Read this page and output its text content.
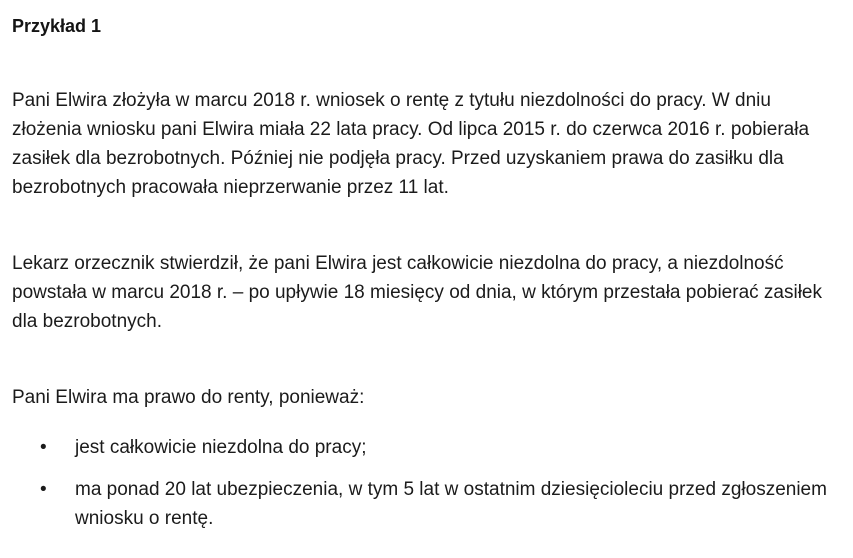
Przykład 1

Pani Elwira złożyła w marcu 2018 r. wniosek o rentę z tytułu niezdolności do pracy. W dniu złożenia wniosku pani Elwira miała 22 lata pracy. Od lipca 2015 r. do czerwca 2016 r. pobierała zasiłek dla bezrobotnych. Później nie podjęła pracy. Przed uzyskaniem prawa do zasiłku dla bezrobotnych pracowała nieprzerwanie przez 11 lat.

Lekarz orzecznik stwierdził, że pani Elwira jest całkowicie niezdolna do pracy, a niezdolność powstała w marcu 2018 r. – po upływie 18 miesięcy od dnia, w którym przestała pobierać zasiłek dla bezrobotnych.

Pani Elwira ma prawo do renty, ponieważ:

• jest całkowicie niezdolna do pracy;
• ma ponad 20 lat ubezpieczenia, w tym 5 lat w ostatnim dziesięcioleciu przed zgłoszeniem wniosku o rentę.
